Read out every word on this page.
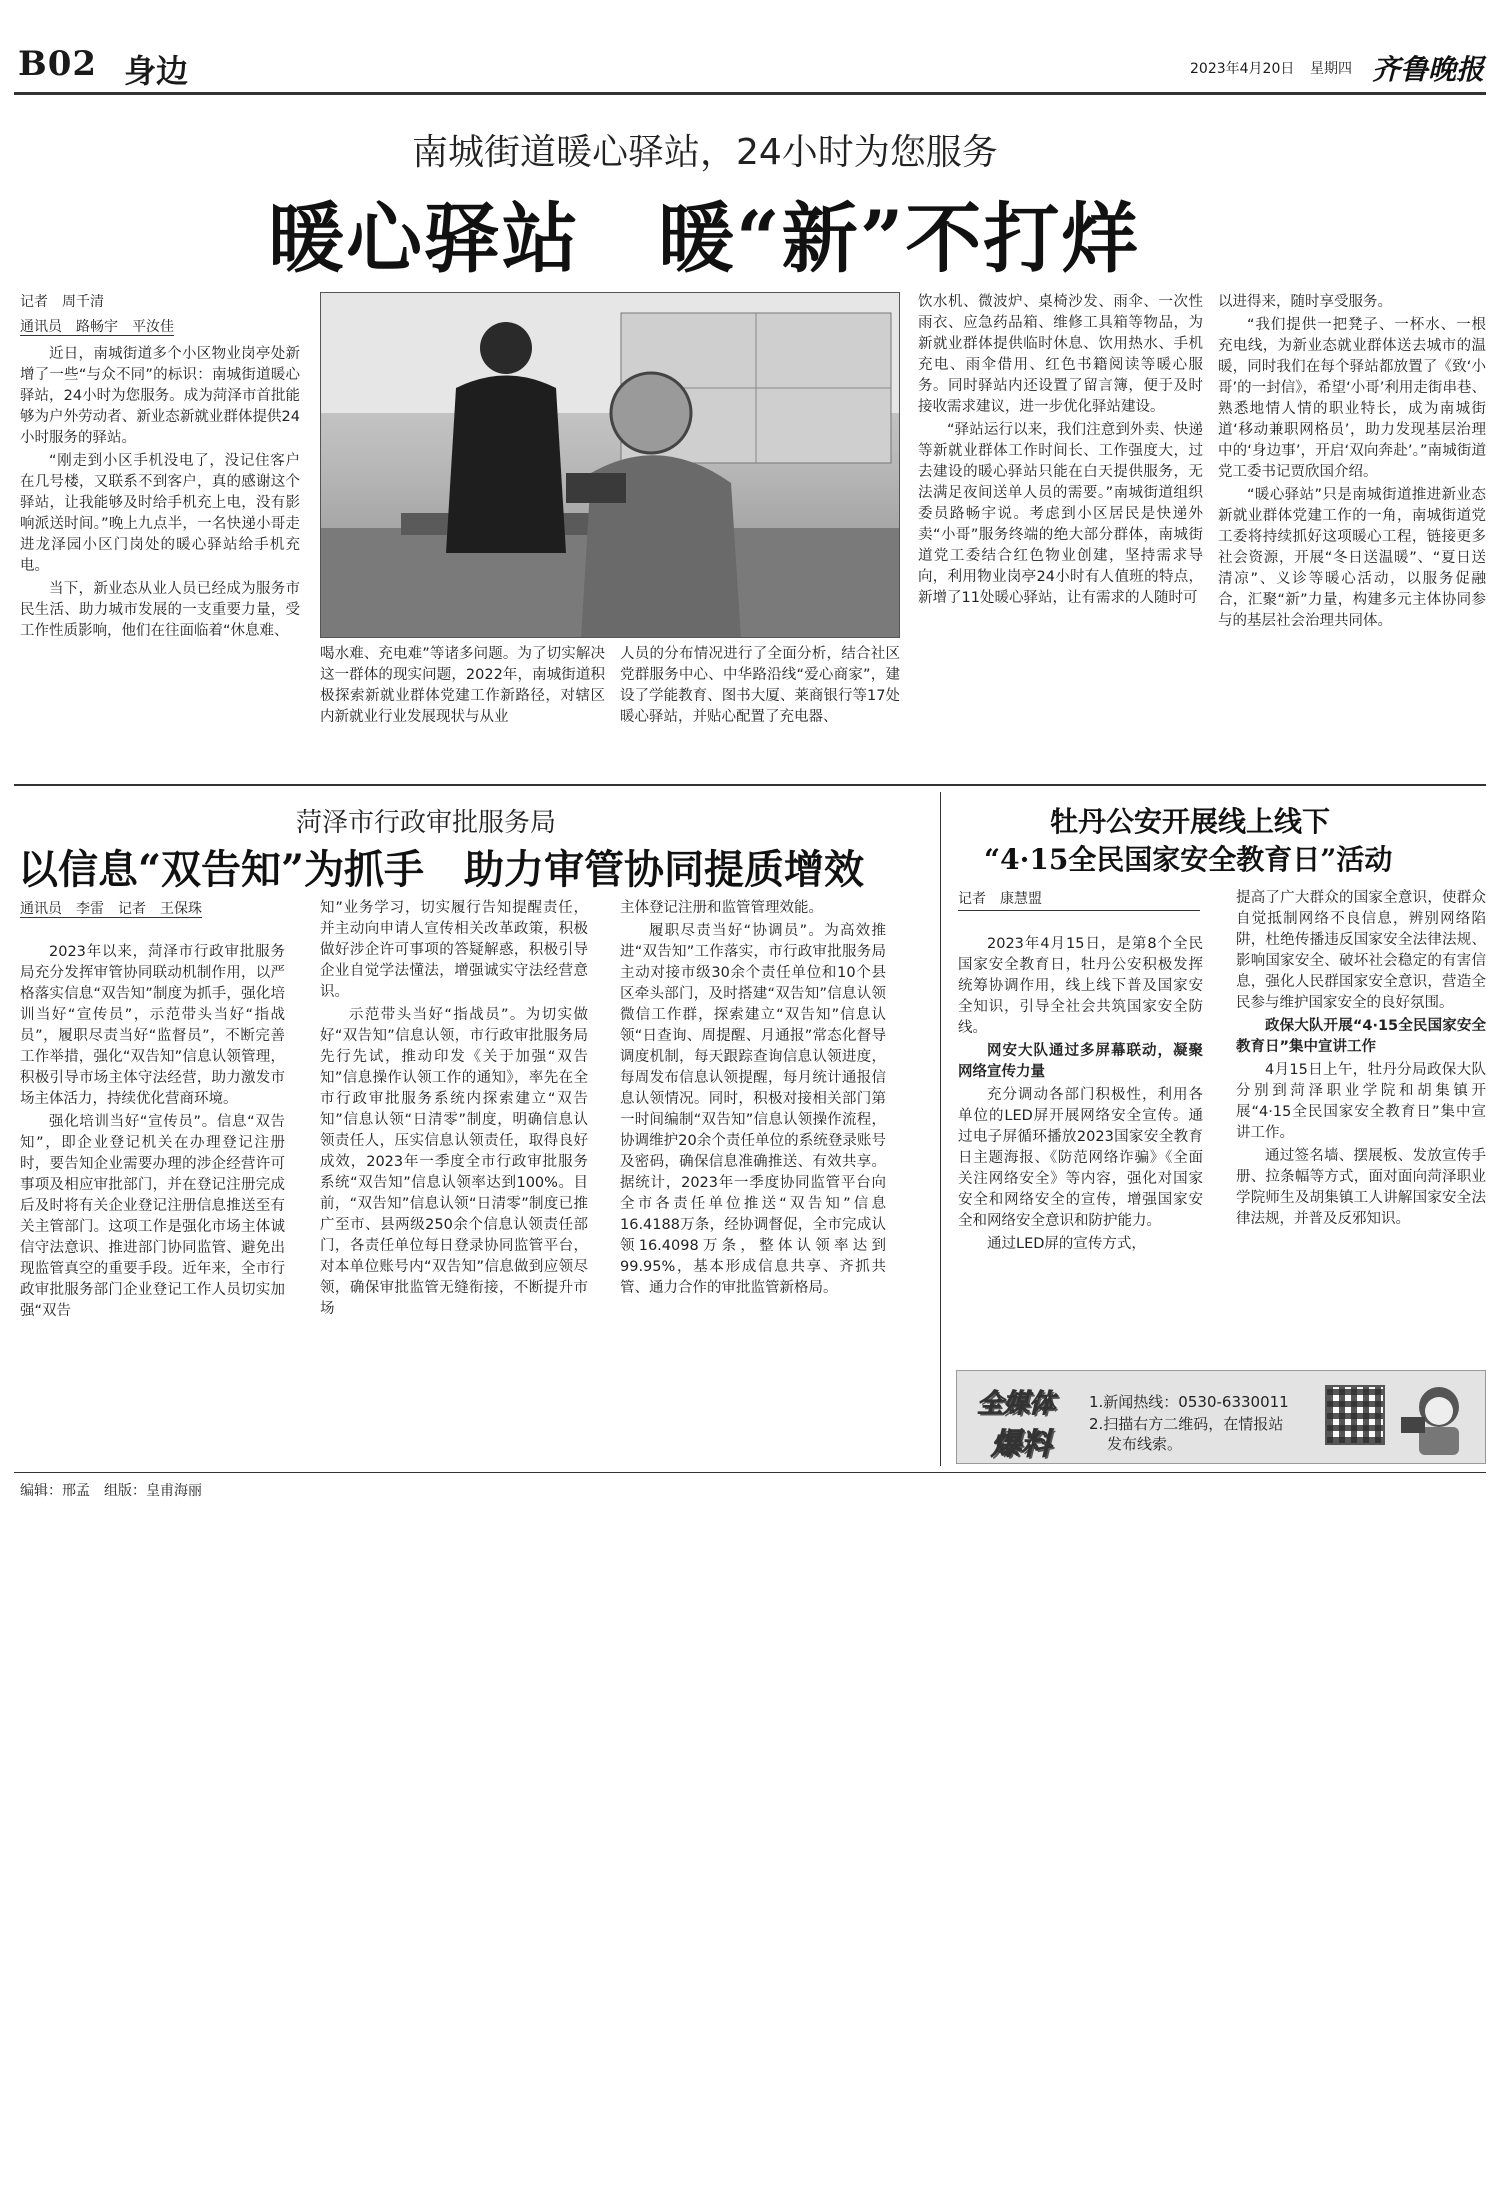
B02 身边	2023年4月20日 星期四 齐鲁晚报
南城街道暖心驿站，24小时为您服务
暖心驿站　暖“新”不打烊
记者　周千清
通讯员　路畅宇　平汝佳

近日，南城街道多个小区物业岗亭处新增了一些“与众不同”的标识：南城街道暖心驿站，24小时为您服务。成为菏泽市首批能够为户外劳动者、新业态新就业群体提供24小时服务的驿站。

“刚走到小区手机没电了，没记住客户在几号楼，又联系不到客户，真的感谢这个驿站，让我能够及时给手机充上电，没有影响派送时间。”晚上九点半，一名快递小哥走进龙泽园小区门岗处的暖心驿站给手机充电。

当下，新业态从业人员已经成为服务市民生活、助力城市发展的一支重要力量，受工作性质影响，他们在往面临着“休息难、

喝水难、充电难”等诸多问题。为了切实解决这一群体的现实问题，2022年，南城街道积极探索新就业群体党建工作新路径，对辖区内新就业行业发展现状与从业

人员的分布情况进行了全面分析，结合社区党群服务中心、中华路沿线“爱心商家”，建设了学能教育、图书大厦、莱商银行等17处暖心驿站，并贴心配置了充电器、

饮水机、微波炉、桌椅沙发、雨伞、一次性雨衣、应急药品箱、维修工具箱等物品，为新就业群体提供临时休息、饮用热水、手机充电、雨伞借用、红色书籍阅读等暖心服务。同时驿站内还设置了留言簿，便于及时接收需求建议，进一步优化驿站建设。

“驿站运行以来，我们注意到外卖、快递等新就业群体工作时间长、工作强度大，过去建设的暖心驿站只能在白天提供服务，无法满足夜间送单人员的需要。”南城街道组织委员路畅宇说。考虑到小区居民是快递外卖“小哥”服务终端的绝大部分群体，南城街道党工委结合红色物业创建，坚持需求导向，利用物业岗亭24小时有人值班的特点，新增了11处暖心驿站，让有需求的人随时可

以进得来，随时享受服务。

“我们提供一把凳子、一杯水、一根充电线，为新业态就业群体送去城市的温暖，同时我们在每个驿站都放置了《致‘小哥’的一封信》，希望‘小哥’利用走街串巷、熟悉地情人情的职业特长，成为南城街道‘移动兼职网格员’，助力发现基层治理中的‘身边事’，开启‘双向奔赴’。”南城街道党工委书记贾欣国介绍。

“暖心驿站”只是南城街道推进新业态新就业群体党建工作的一角，南城街道党工委将持续抓好这项暖心工程，链接更多社会资源，开展“冬日送温暖”、“夏日送清凉”、义诊等暖心活动，以服务促融合，汇聚“新”力量，构建多元主体协同参与的基层社会治理共同体。

菏泽市行政审批服务局
以信息“双告知”为抓手　助力审管协同提质增效
通讯员　李雷　记者　王保珠

2023年以来，菏泽市行政审批服务局充分发挥审管协同联动机制作用，以严格落实信息“双告知”制度为抓手，强化培训当好“宣传员”，示范带头当好“指战员”，履职尽责当好“监督员”，不断完善工作举措，强化“双告知”信息认领管理，积极引导市场主体守法经营，助力激发市场主体活力，持续优化营商环境。

强化培训当好“宣传员”。信息“双告知”，即企业登记机关在办理登记注册时，要告知企业需要办理的涉企经营许可事项及相应审批部门，并在登记注册完成后及时将有关企业登记注册信息推送至有关主管部门。这项工作是强化市场主体诚信守法意识、推进部门协同监管、避免出现监管真空的重要手段。近年来，全市行政审批服务部门企业登记工作人员切实加强“双告

知”业务学习，切实履行告知提醒责任，并主动向申请人宣传相关改革政策，积极做好涉企许可事项的答疑解惑，积极引导企业自觉学法懂法，增强诚实守法经营意识。

示范带头当好“指战员”。为切实做好“双告知”信息认领，市行政审批服务局先行先试，推动印发《关于加强“双告知”信息操作认领工作的通知》，率先在全市行政审批服务系统内探索建立“双告知”信息认领“日清零”制度，明确信息认领责任人，压实信息认领责任，取得良好成效，2023年一季度全市行政审批服务系统“双告知”信息认领率达到100%。目前，“双告知”信息认领“日清零”制度已推广至市、县两级250余个信息认领责任部门，各责任单位每日登录协同监管平台，对本单位账号内“双告知”信息做到应领尽领，确保审批监管无缝衔接，不断提升市场

主体登记注册和监管管理效能。

履职尽责当好“协调员”。为高效推进“双告知”工作落实，市行政审批服务局主动对接市级30余个责任单位和10个县区牵头部门，及时搭建“双告知”信息认领微信工作群，探索建立“双告知”信息认领“日查询、周提醒、月通报”常态化督导调度机制，每天跟踪查询信息认领进度，每周发布信息认领提醒，每月统计通报信息认领情况。同时，积极对接相关部门第一时间编制“双告知”信息认领操作流程，协调维护20余个责任单位的系统登录账号及密码，确保信息准确推送、有效共享。据统计，2023年一季度协同监管平台向全市各责任单位推送“双告知”信息16.4188万条，经协调督促，全市完成认领16.4098万条，整体认领率达到99.95%，基本形成信息共享、齐抓共管、通力合作的审批监管新格局。

牡丹公安开展线上线下
“4·15全民国家安全教育日”活动
记者　康慧盟

2023年4月15日，是第8个全民国家安全教育日，牡丹公安积极发挥统筹协调作用，线上线下普及国家安全知识，引导全社会共筑国家安全防线。

网安大队通过多屏幕联动，凝聚网络宣传力量

充分调动各部门积极性，利用各单位的LED屏开展网络安全宣传。通过电子屏循环播放2023国家安全教育日主题海报、《防范网络诈骗》《全面关注网络安全》等内容，强化对国家安全和网络安全的宣传，增强国家安全和网络安全意识和防护能力。

通过LED屏的宣传方式，

提高了广大群众的国家全意识，使群众自觉抵制网络不良信息，辨别网络陷阱，杜绝传播违反国家安全法律法规、影响国家安全、破坏社会稳定的有害信息，强化人民群国家安全意识，营造全民参与维护国家安全的良好氛围。

政保大队开展“4·15全民国家安全教育日”集中宣讲工作

4月15日上午，牡丹分局政保大队分别到菏泽职业学院和胡集镇开展“4·15全民国家安全教育日”集中宣讲工作。

通过签名墙、摆展板、发放宣传手册、拉条幅等方式，面对面向菏泽职业学院师生及胡集镇工人讲解国家安全法律法规，并普及反邪知识。

全媒体
爆料
1.新闻热线：0530-6330011
2.扫描右方二维码，在情报站
发布线索。
编辑：邢孟　组版：皇甫海丽
